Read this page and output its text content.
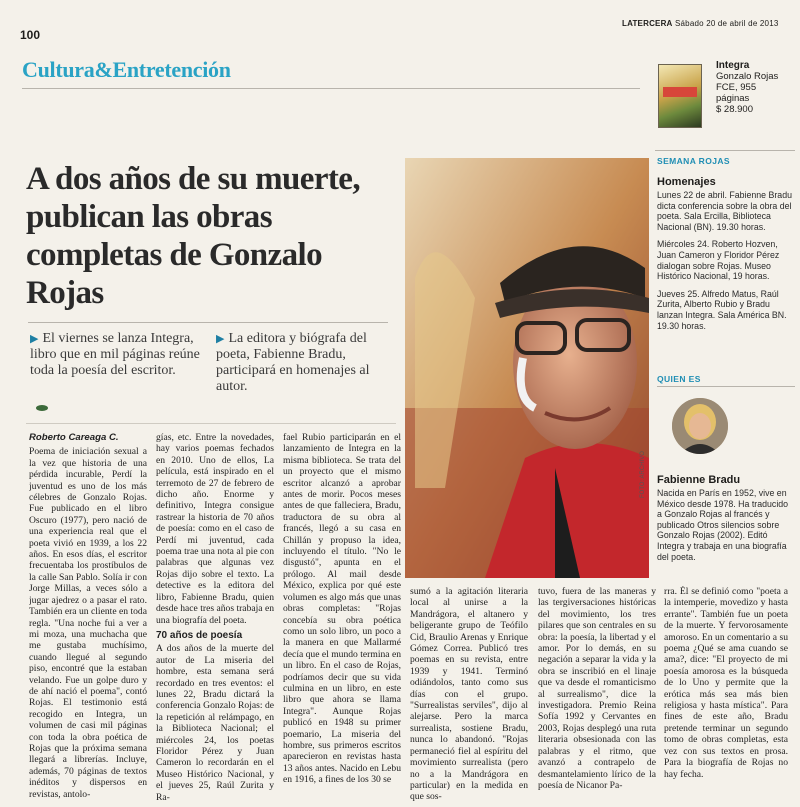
100
LATERCERA Sábado 20 de abril de 2013
Cultura&Entretención	Integra
Gonzalo Rojas
FCE, 955
páginas
$ 28.900
A dos años de su muerte, publican las obras completas de Gonzalo Rojas
▶ El viernes se lanza Integra, libro que en mil páginas reúne toda la poesía del escritor.
▶ La editora y biógrafa del poeta, Fabienne Bradu, participará en homenajes al autor.
Roberto Careaga C.

Poema de iniciación sexual a la vez que historia de una pérdida incurable, Perdí la juventud es uno de los más célebres de Gonzalo Rojas. Fue publicado en el libro Oscuro (1977), pero nació de una experiencia real que el poeta vivió en 1939, a los 22 años. En esos días, el escritor frecuentaba los prostíbulos de la calle San Pablo. Solía ir con Jorge Millas, a veces sólo a jugar ajedrez o a pasar el rato. También era un cliente en toda regla. "Una noche fui a ver a mi moza, una muchacha que me gustaba muchísimo, cuando llegué al segundo piso, encontré que la estaban velando. Fue un golpe duro y de ahí nació el poema", contó Rojas. El testimonio está recogido en Integra, un volumen de casi mil páginas con toda la obra poética de Rojas que la próxima semana llegará a librerías. Incluye, además, 70 páginas de textos inéditos y dispersos en revistas, antolo-

gías, etc. Entre la novedades, hay varios poemas fechados en 2010. Uno de ellos, La película, está inspirado en el terremoto de 27 de febrero de dicho año. Enorme y definitivo, Integra consigue rastrear la historia de 70 años de poesía: como en el caso de Perdí mi juventud, cada poema trae una nota al pie con palabras que algunas vez Rojas dijo sobre el texto. La detective es la editora del libro, Fabienne Bradu, quien desde hace tres años trabaja en una biografía del poeta.

70 años de poesía

A dos años de la muerte del autor de La miseria del hombre, esta semana será recordado en tres eventos: el lunes 22, Bradu dictará la conferencia Gonzalo Rojas: de la repetición al relámpago, en la Biblioteca Nacional; el miércoles 24, los poetas Floridor Pérez y Juan Cameron lo recordarán en el Museo Histórico Nacional, y el jueves 25, Raúl Zurita y Ra-

fael Rubio participarán en el lanzamiento de Integra en la misma biblioteca. Se trata del un proyecto que el mismo escritor alcanzó a aprobar antes de morir. Pocos meses antes de que falleciera, Bradu, traductora de su obra al francés, llegó a su casa en Chillán y propuso la idea, incluyendo el título. "No le disgustó", apunta en el prólogo. Al mail desde México, explica por qué este volumen es algo más que unas obras completas: "Rojas concebía su obra poética como un solo libro, un poco a la manera en que Mallarmé decía que el mundo termina en un libro. En el caso de Rojas, podríamos decir que su vida culmina en un libro, en este libro que ahora se llama Integra". Aunque Rojas publicó en 1948 su primer poemario, La miseria del hombre, sus primeros escritos aparecieron en revistas hasta 13 años antes. Nacido en Lebu en 1916, a fines de los 30 se

FOTO: ARCHIVO

sumó a la agitación literaria local al unirse a la Mandrágora, el altanero y beligerante grupo de Teófilo Cid, Braulio Arenas y Enrique Gómez Correa. Publicó tres poemas en su revista, entre 1939 y 1941. Terminó odiándolos, tanto como sus días con el grupo. "Surrealistas serviles", dijo al alejarse. Pero la marca surrealista, sostiene Bradu, nunca lo abandonó. "Rojas permaneció fiel al espíritu del movimiento surrealista (pero no a la Mandrágora en particular) en la medida en que sos-

tuvo, fuera de las maneras y las tergiversaciones históricas del movimiento, los tres pilares que son centrales en su obra: la poesía, la libertad y el amor. Por lo demás, en su negación a separar la vida y la obra se inscribió en el linaje que va desde el romanticismo al surrealismo", dice la investigadora. Premio Reina Sofía 1992 y Cervantes en 2003, Rojas desplegó una ruta literaria obsesionada con las palabras y el ritmo, que avanzó a contrapelo de desmantelamiento lírico de la poesía de Nicanor Pa-

rra. Él se definió como "poeta a la intemperie, movedizo y hasta errante". También fue un poeta de la muerte. Y fervorosamente amoroso. En un comentario a su poema ¿Qué se ama cuando se ama?, dice: "El proyecto de mi poesía amorosa es la búsqueda de lo Uno y permite que la erótica más sea más bien religiosa y hasta mística". Para fines de este año, Bradu pretende terminar un segundo tomo de obras completas, esta vez con sus textos en prosa. Para la biografía de Rojas no hay fecha.

SEMANA ROJAS
Homenajes

Lunes 22 de abril. Fabienne Bradu dicta conferencia sobre la obra del poeta. Sala Ercilla, Biblioteca Nacional (BN). 19.30 horas.

Miércoles 24. Roberto Hozven, Juan Cameron y Floridor Pérez dialogan sobre Rojas. Museo Histórico Nacional, 19 horas.

Jueves 25. Alfredo Matus, Raúl Zurita, Alberto Rubio y Bradu lanzan Integra. Sala América BN. 19.30 horas.

QUIEN ES
Fabienne Bradu
Nacida en París en 1952, vive en México desde 1978. Ha traducido a Gonzalo Rojas al francés y publicado Otros silencios sobre Gonzalo Rojas (2002). Editó Integra y trabaja en una biografía del poeta.
